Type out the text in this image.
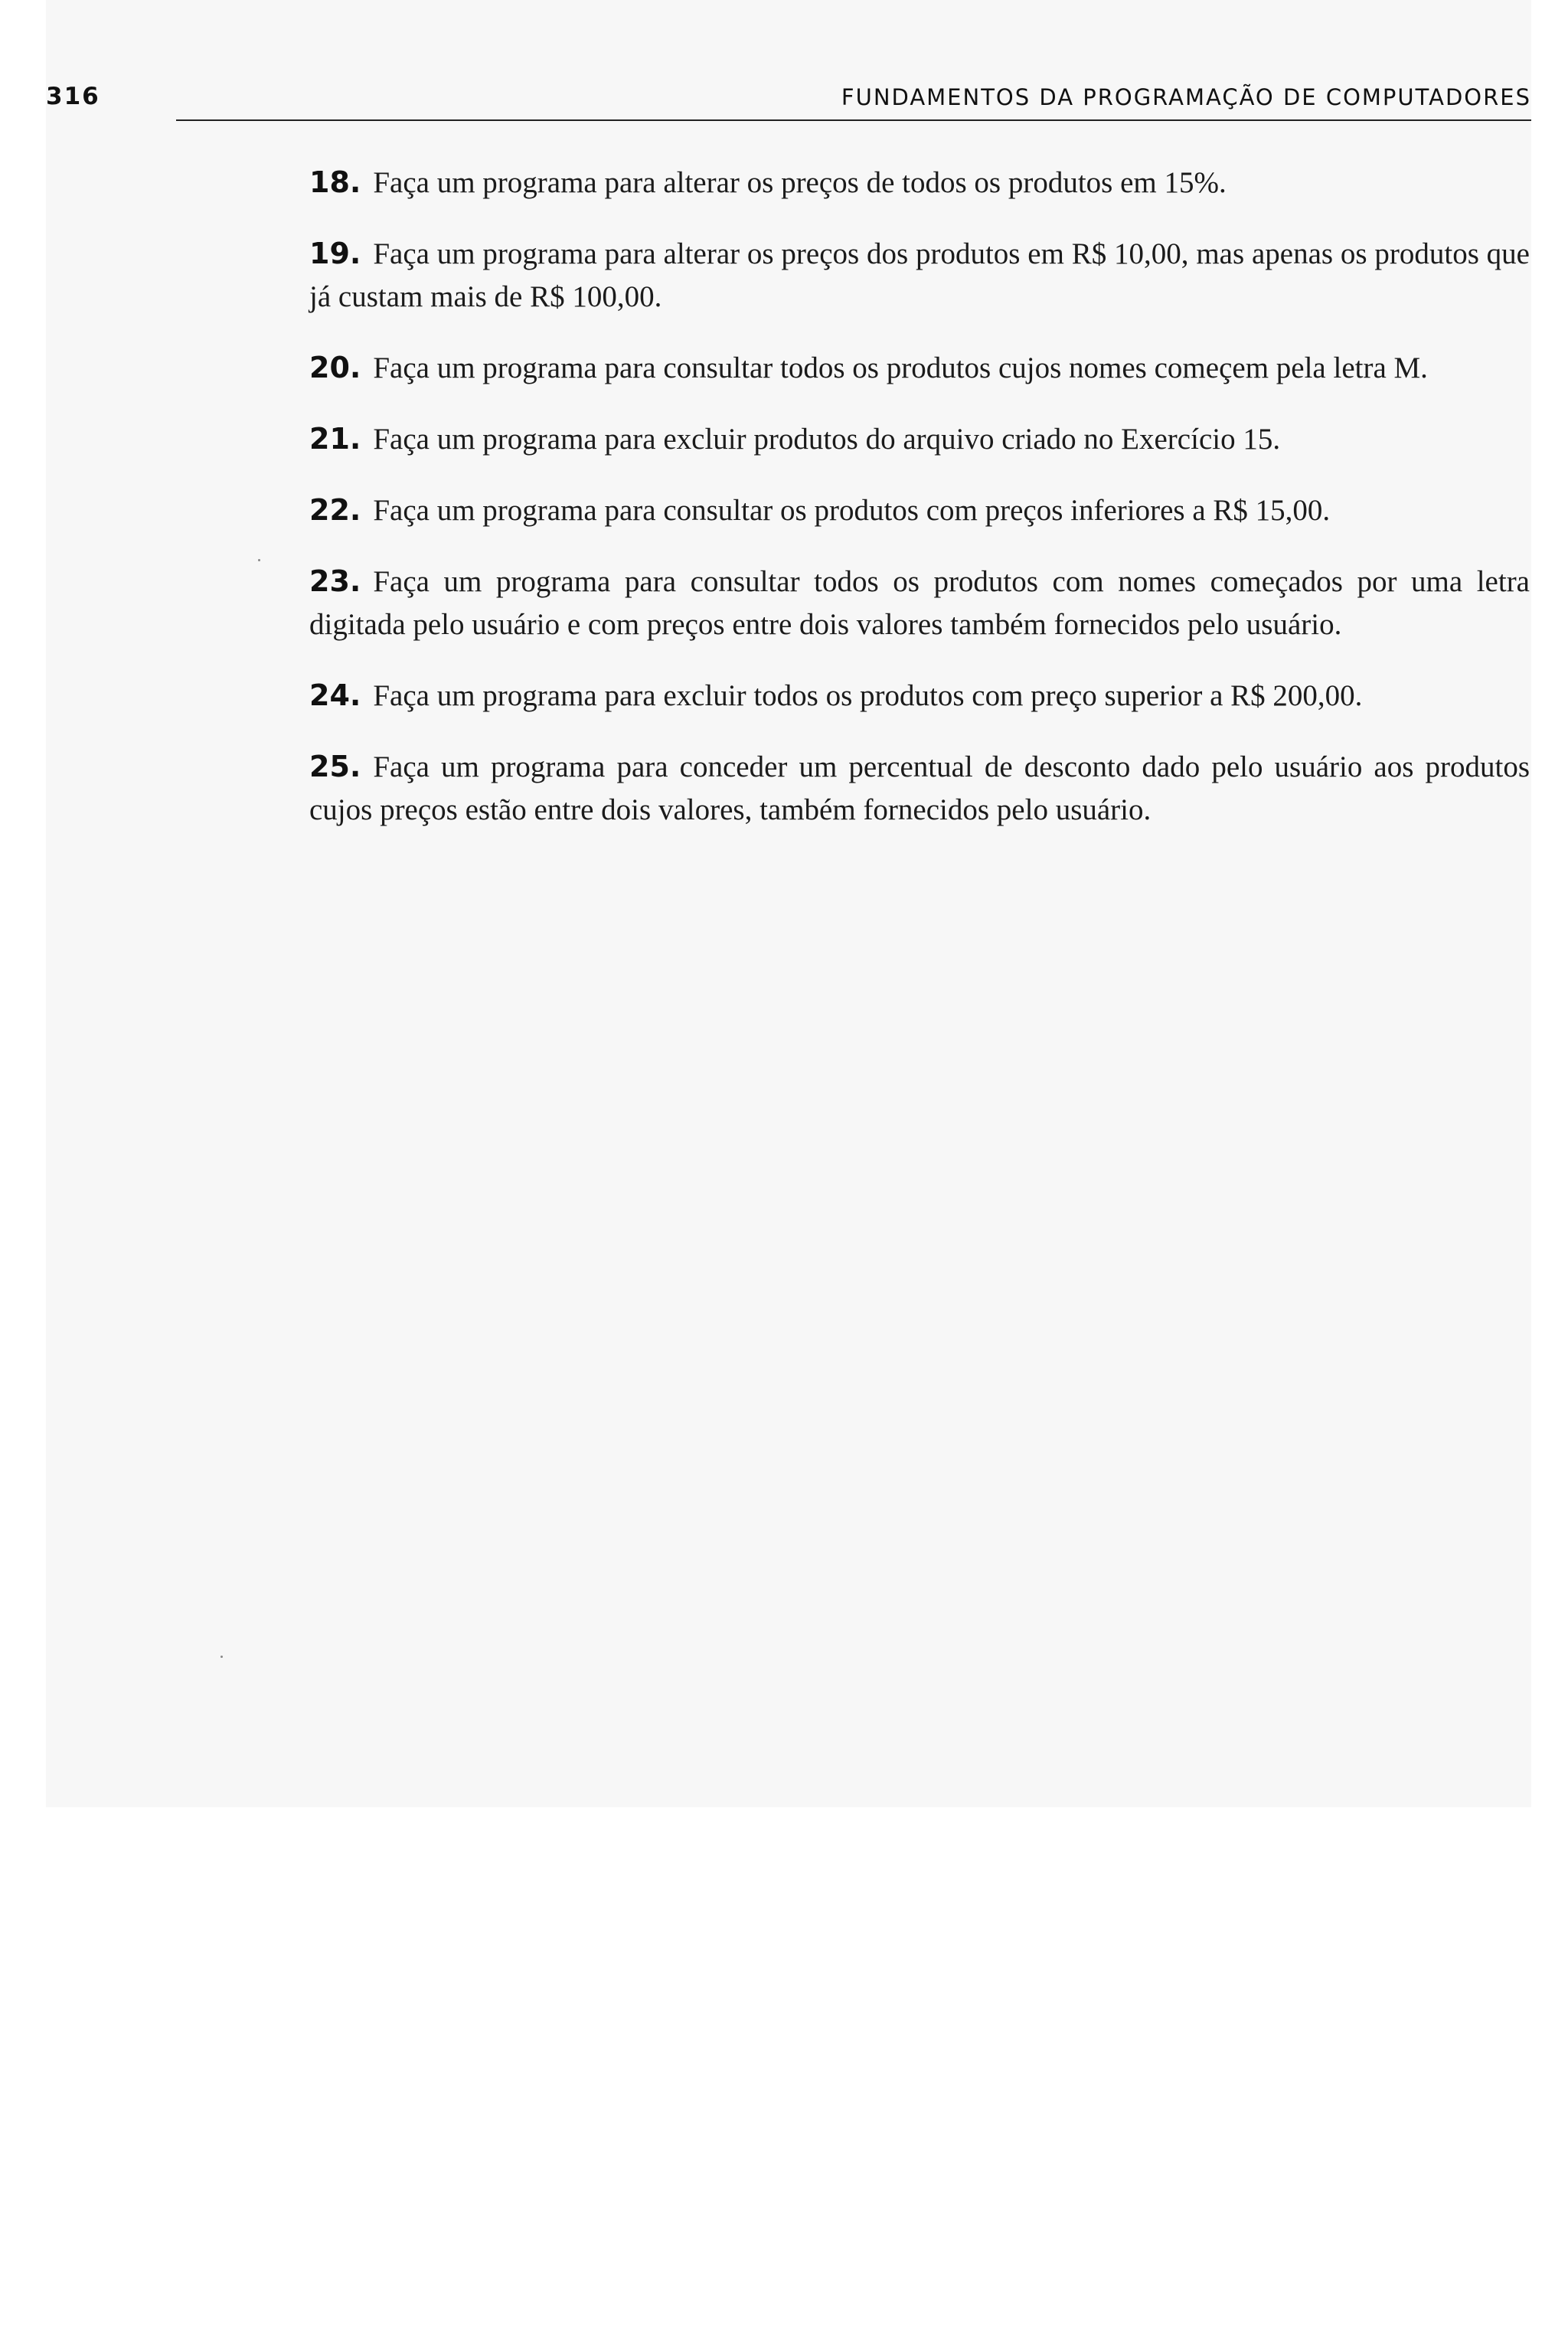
316	FUNDAMENTOS DA PROGRAMAÇÃO DE COMPUTADORES
18. Faça um programa para alterar os preços de todos os produtos em 15%.
19. Faça um programa para alterar os preços dos produtos em R$ 10,00, mas apenas os produtos que já custam mais de R$ 100,00.
20. Faça um programa para consultar todos os produtos cujos nomes começem pela letra M.
21. Faça um programa para excluir produtos do arquivo criado no Exercício 15.
22. Faça um programa para consultar os produtos com preços inferiores a R$ 15,00.
23. Faça um programa para consultar todos os produtos com nomes começados por uma letra digitada pelo usuário e com preços entre dois valores também fornecidos pelo usuário.
24. Faça um programa para excluir todos os produtos com preço superior a R$ 200,00.
25. Faça um programa para conceder um percentual de desconto dado pelo usuário aos produtos cujos preços estão entre dois valores, também fornecidos pelo usuário.
